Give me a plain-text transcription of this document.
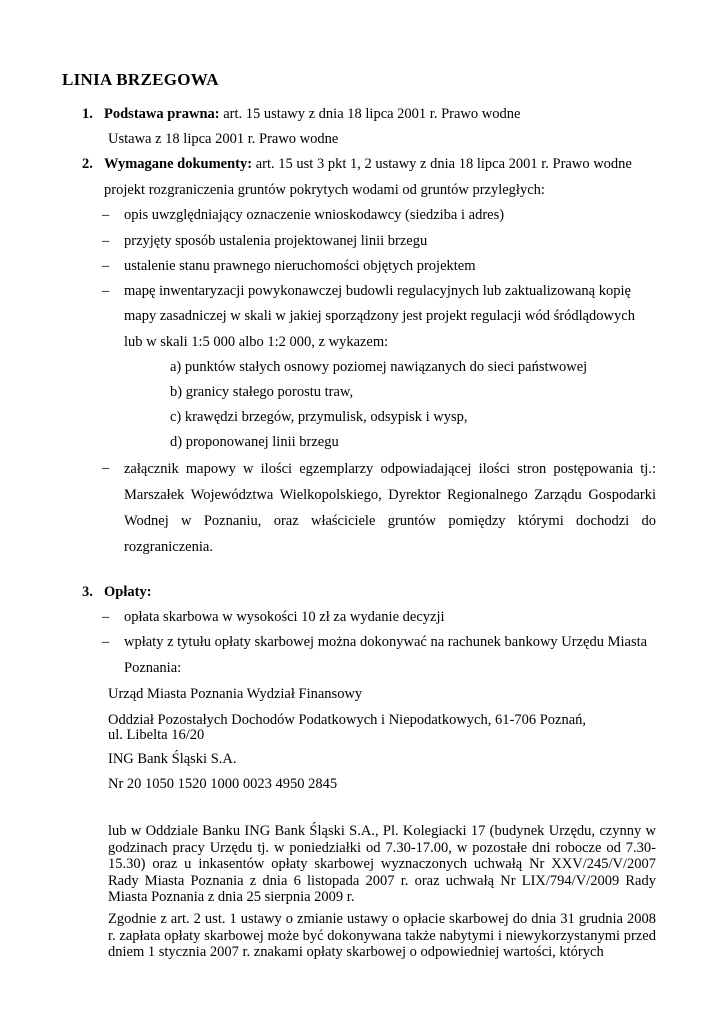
LINIA BRZEGOWA
1. Podstawa prawna: art. 15 ustawy z dnia 18 lipca 2001 r. Prawo wodne
Ustawa z 18 lipca 2001 r. Prawo wodne
2. Wymagane dokumenty: art. 15 ust 3 pkt 1, 2 ustawy z dnia 18 lipca 2001 r. Prawo wodne
projekt rozgraniczenia gruntów pokrytych wodami od gruntów przyległych:
– opis uwzględniający oznaczenie wnioskodawcy (siedziba i adres)
– przyjęty sposób ustalenia projektowanej linii brzegu
– ustalenie stanu prawnego nieruchomości objętych projektem
– mapę inwentaryzacji powykonawczej budowli regulacyjnych lub zaktualizowaną kopię
mapy zasadniczej w skali w jakiej sporządzony jest projekt regulacji wód śródlądowych
lub w skali 1:5 000 albo 1:2 000, z wykazem:
a) punktów stałych osnowy poziomej nawiązanych do sieci państwowej
b) granicy stałego porostu traw,
c) krawędzi brzegów, przymulisk, odsypisk i wysp,
d) proponowanej linii brzegu
– załącznik mapowy w ilości egzemplarzy odpowiadającej ilości stron postępowania tj.: Marszałek Województwa Wielkopolskiego, Dyrektor Regionalnego Zarządu Gospodarki Wodnej w Poznaniu, oraz właściciele gruntów pomiędzy którymi dochodzi do rozgraniczenia.
3. Opłaty:
– opłata skarbowa w wysokości 10 zł za wydanie decyzji
– wpłaty z tytułu opłaty skarbowej można dokonywać na rachunek bankowy Urzędu Miasta
Poznania:
Urząd Miasta Poznania Wydział Finansowy
Oddział Pozostałych Dochodów Podatkowych i Niepodatkowych, 61-706 Poznań,
ul. Libelta 16/20
ING Bank Śląski S.A.
Nr 20 1050 1520 1000 0023 4950 2845
lub w Oddziale Banku ING Bank Śląski S.A., Pl. Kolegiacki 17 (budynek Urzędu, czynny w godzinach pracy Urzędu tj. w poniedziałki od 7.30-17.00, w pozostałe dni robocze od 7.30-15.30) oraz u inkasentów opłaty skarbowej wyznaczonych uchwałą Nr XXV/245/V/2007 Rady Miasta Poznania z dnia 6 listopada 2007 r. oraz uchwałą Nr LIX/794/V/2009 Rady Miasta Poznania z dnia 25 sierpnia 2009 r.
Zgodnie z art. 2 ust. 1 ustawy o zmianie ustawy o opłacie skarbowej do dnia 31 grudnia 2008 r. zapłata opłaty skarbowej może być dokonywana także nabytymi i niewykorzystanymi przed dniem 1 stycznia 2007 r. znakami opłaty skarbowej o odpowiedniej wartości, których
